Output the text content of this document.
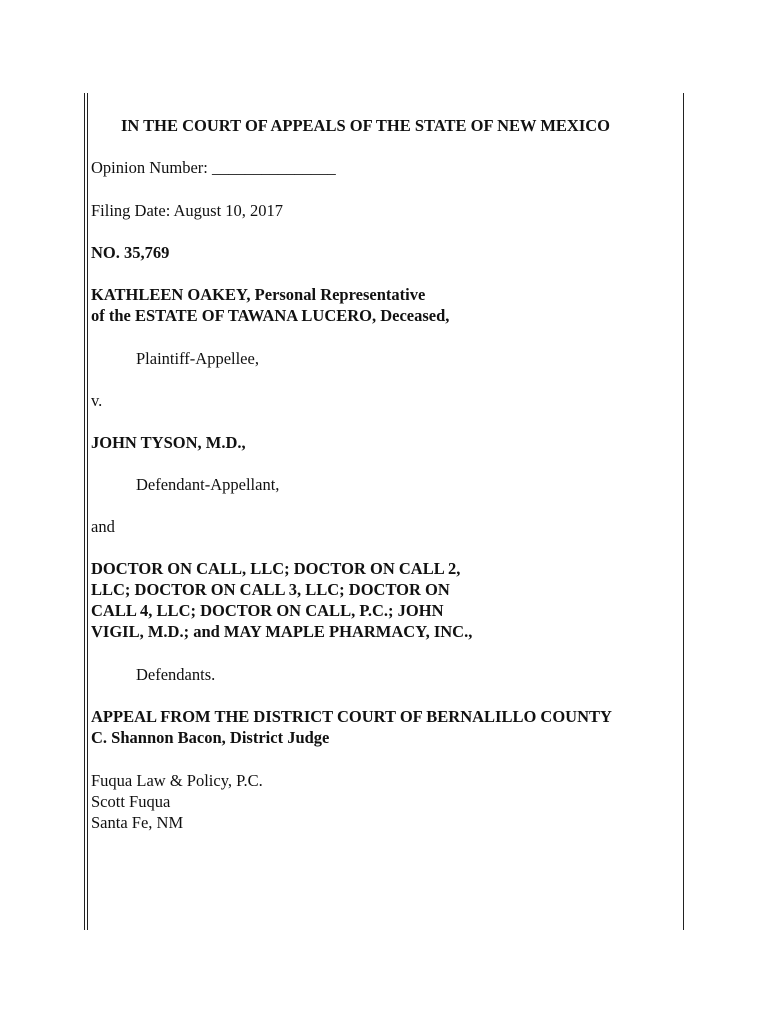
IN THE COURT OF APPEALS OF THE STATE OF NEW MEXICO
Opinion Number: _______________
Filing Date: August 10, 2017
NO. 35,769
KATHLEEN OAKEY, Personal Representative
of the ESTATE OF TAWANA LUCERO, Deceased,
Plaintiff-Appellee,
v.
JOHN TYSON, M.D.,
Defendant-Appellant,
and
DOCTOR ON CALL, LLC; DOCTOR ON CALL 2,
LLC; DOCTOR ON CALL 3, LLC; DOCTOR ON
CALL 4, LLC; DOCTOR ON CALL, P.C.; JOHN
VIGIL, M.D.; and MAY MAPLE PHARMACY, INC.,
Defendants.
APPEAL FROM THE DISTRICT COURT OF BERNALILLO COUNTY
C. Shannon Bacon, District Judge
Fuqua Law & Policy, P.C.
Scott Fuqua
Santa Fe, NM
